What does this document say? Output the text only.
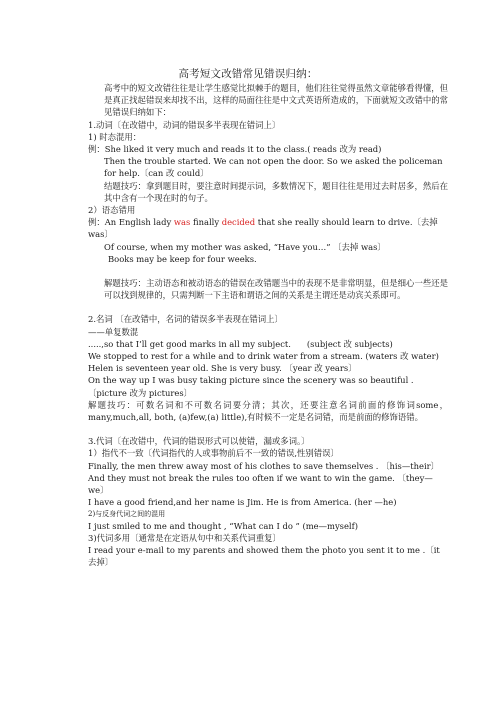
高考短文改错常见错误归纳：

高考中的短文改错往往是让学生感觉比拟棘手的题目，他们往往觉得虽然文章能够看得懂，但是真正找起错误来却找不出，这样的局面往往是中文式英语所造成的，下面就短文改错中的常见错误归纳如下：

1.动词〔在改错中，动词的错误多半表现在错词上〕

1) 时态混用：

例：She liked it very much and reads it to the class.( reads 改为 read)

Then the trouble started. We can not open the door. So we asked the policeman for help.〔can 改 could〕

结题技巧：拿到题目时，要注意时间提示词，多数情况下，题目往往是用过去时居多，然后在其中含有一个现在时的句子。

2）语态错用

例：An English lady was finally decided that she really should learn to drive.〔去掉was〕

Of course, when my mother was asked, “Have you…” 〔去掉 was〕

Books may be keep for four weeks.

解题技巧：主动语态和被动语态的错误在改错题当中的表现不是非常明显，但是细心一些还是可以找到规律的，只需判断一下主语和谓语之间的关系是主谓还是动宾关系即可。

2.名词 〔在改错中，名词的错误多半表现在错词上〕

——单复数混

.....,so that I’ll get good marks in all my subject.      (subject 改 subjects)

We stopped to rest for a while and to drink water from a stream. (waters 改 water)

Helen is seventeen year old. She is very busy. 〔year 改 years〕

On the way up I was busy taking picture since the scenery was so beautiful .〔picture 改为 pictures〕

解题技巧：可数名词和不可数名词要分清；其次，还要注意名词前面的修饰词some，many,much,all, both, (a)few,(a) little),有时候不一定是名词错，而是前面的修饰语错。

3.代词〔在改错中，代词的错误形式可以使错，漏或多词。〕

1）指代不一致〔代词指代的人或事物前后不一致的错误,性别错误〕

Finally, the men threw away most of his clothes to save themselves . 〔his—their〕

And they must not break the rules too often if we want to win the game. 〔they—we〕

I have a good friend,and her name is Jim. He is from America. (her —he)

2)与反身代词之间的混用

I just smiled to me and thought , “What can I do ” (me—myself)

3)代词多用〔通常是在定语从句中和关系代词重复〕

I read your e-mail to my parents and showed them the photo you sent it to me .〔it 去掉〕
